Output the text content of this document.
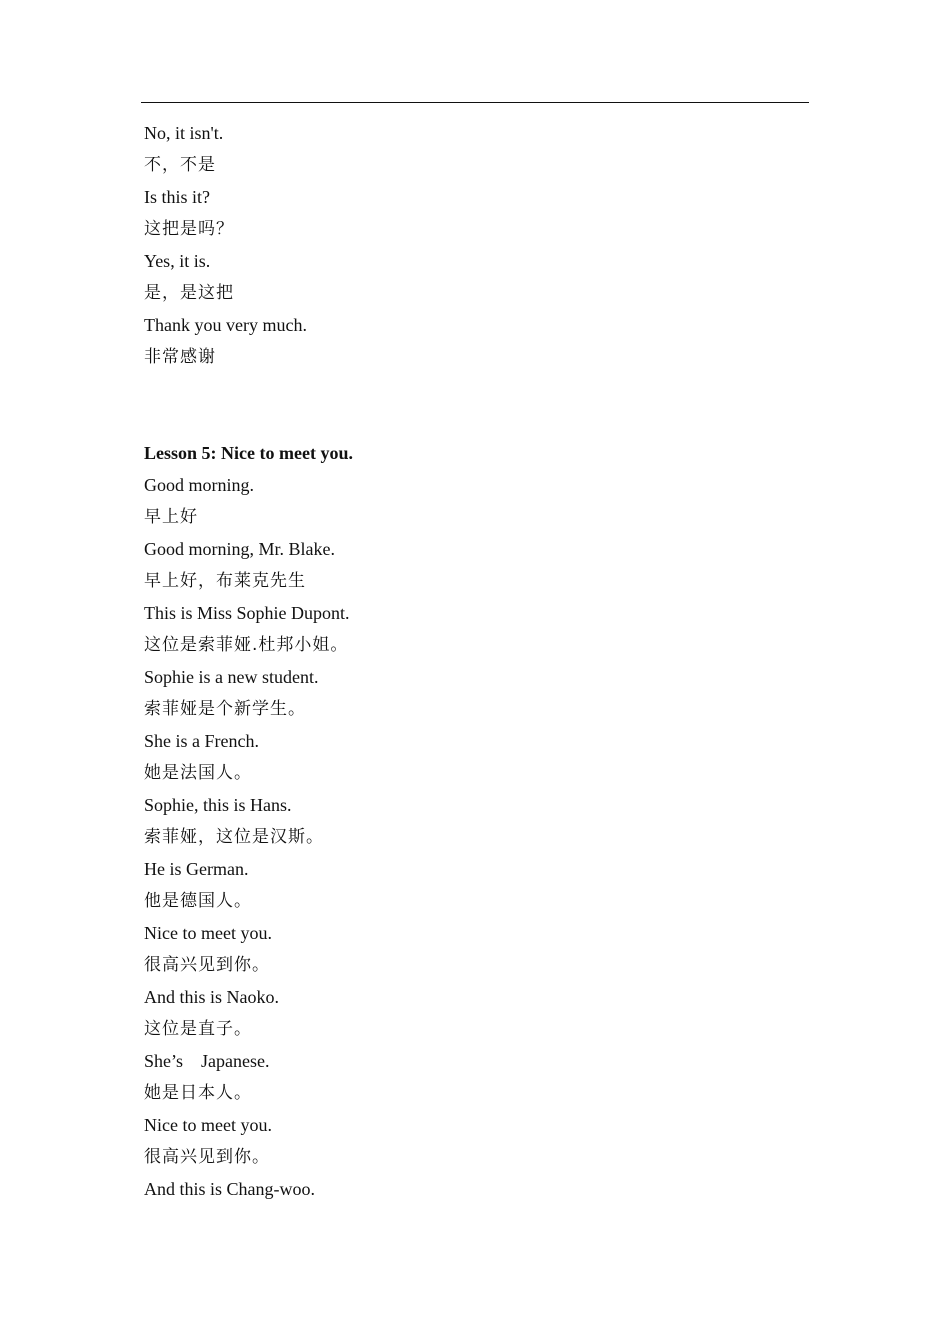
No, it isn't.
不，不是
Is this it?
这把是吗？
Yes, it is.
是，是这把
Thank you very much.
非常感谢
Lesson 5: Nice to meet you.
Good morning.
早上好
Good morning, Mr. Blake.
早上好，布莱克先生
This is Miss Sophie Dupont.
这位是索菲娅.杜邦小姐。
Sophie is a new student.
索菲娅是个新学生。
She is a French.
她是法国人。
Sophie, this is Hans.
索菲娅，这位是汉斯。
He is German.
他是德国人。
Nice to meet you.
很高兴见到你。
And this is Naoko.
这位是直子。
She’s    Japanese.
她是日本人。
Nice to meet you.
很高兴见到你。
And this is Chang-woo.
